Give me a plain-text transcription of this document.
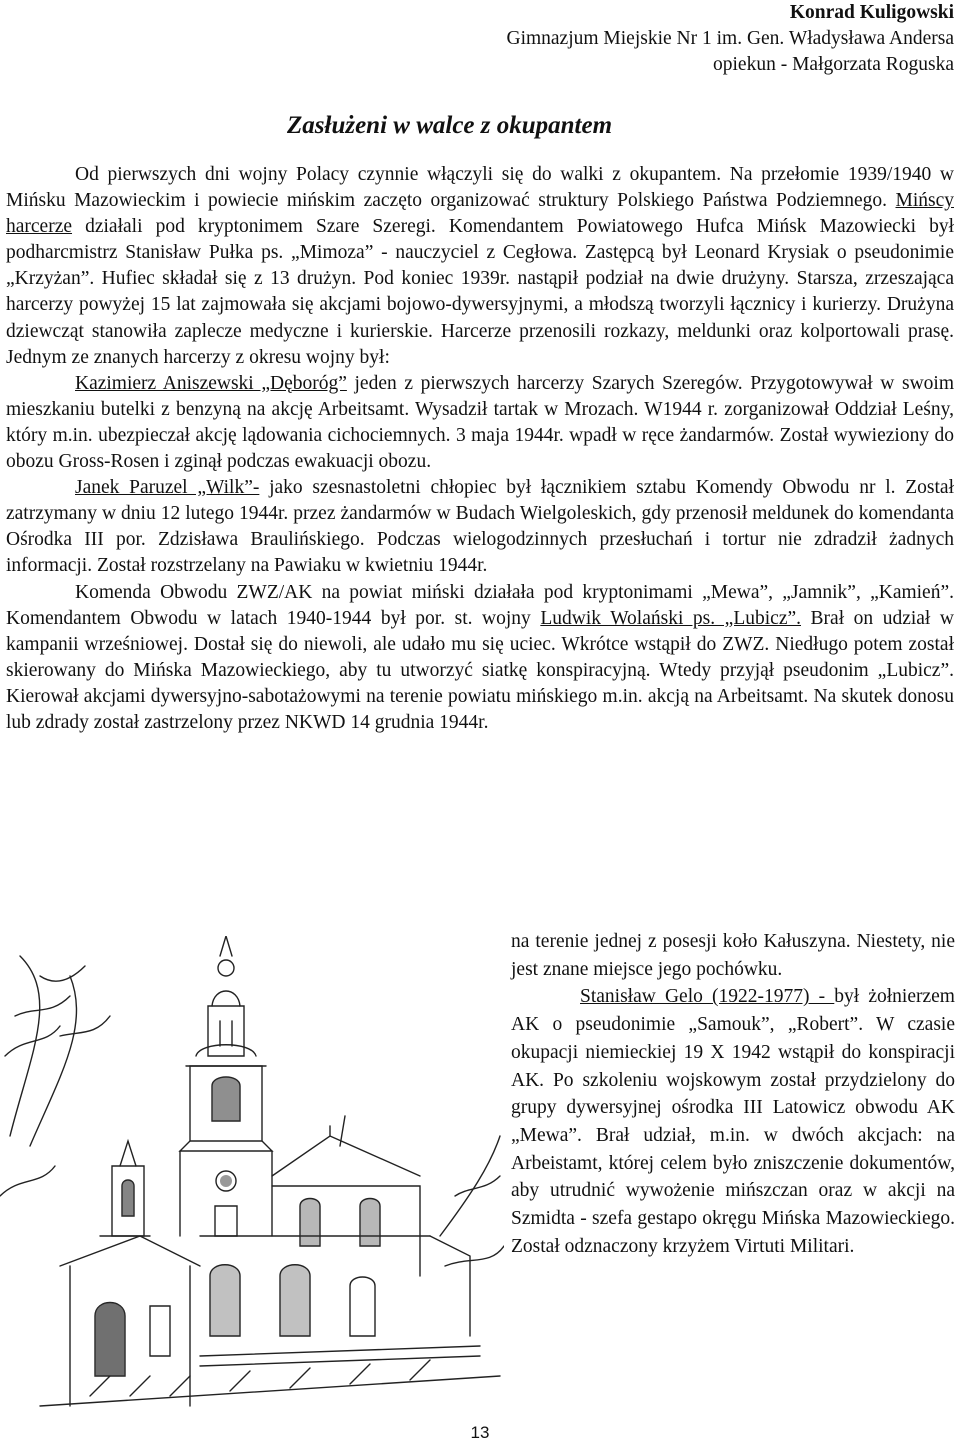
Konrad Kuligowski
Gimnazjum Miejskie Nr 1 im. Gen. Władysława Andersa
opiekun - Małgorzata Roguska
Zasłużeni w walce z okupantem

Od pierwszych dni wojny Polacy czynnie włączyli się do walki z okupantem. Na przełomie 1939/1940 w Mińsku Mazowieckim i powiecie mińskim zaczęto organizować struktury Polskiego Państwa Podziemnego. Mińscy harcerze działali pod kryptonimem Szare Szeregi. Komendantem Powiatowego Hufca Mińsk Mazowiecki był podharcmistrz Stanisław Pułka ps. „Mimoza” - nauczyciel z Cegłowa. Zastępcą był Leonard Krysiak o pseudonimie „Krzyżan”. Hufiec składał się z 13 drużyn. Pod koniec 1939r. nastąpił podział na dwie drużyny. Starsza, zrzeszająca harcerzy powyżej 15 lat zajmowała się akcjami bojowo-dywersyjnymi, a młodszą tworzyli łącznicy i kurierzy. Drużyna dziewcząt stanowiła zaplecze medyczne i kurierskie. Harcerze przenosili rozkazy, meldunki oraz kolportowali prasę. Jednym ze znanych harcerzy z okresu wojny był:

Kazimierz Aniszewski „Dęboróg” jeden z pierwszych harcerzy Szarych Szeregów. Przygotowywał w swoim mieszkaniu butelki z benzyną na akcję Arbeitsamt. Wysadził tartak w Mrozach. W1944 r. zorganizował Oddział Leśny, który m.in. ubezpieczał akcję lądowania cichociemnych. 3 maja 1944r. wpadł w ręce żandarmów. Został wywieziony do obozu Gross-Rosen i zginął podczas ewakuacji obozu.

Janek Paruzel „Wilk”- jako szesnastoletni chłopiec był łącznikiem sztabu Komendy Obwodu nr l. Został zatrzymany w dniu 12 lutego 1944r. przez żandarmów w Budach Wielgoleskich, gdy przenosił meldunek do komendanta Ośrodka III por. Zdzisława Braulińskiego. Podczas wielogodzinnych przesłuchań i tortur nie zdradził żadnych informacji. Został rozstrzelany na Pawiaku w kwietniu 1944r.

Komenda Obwodu ZWZ/AK na powiat miński działała pod kryptonimami „Mewa”, „Jamnik”, „Kamień”. Komendantem Obwodu w latach 1940-1944 był por. st. wojny Ludwik Wolański ps. „Lubicz”. Brał on udział w kampanii wrześniowej. Dostał się do niewoli, ale udało mu się uciec. Wkrótce wstąpił do ZWZ. Niedługo potem został skierowany do Mińska Mazowieckiego, aby tu utworzyć siatkę konspiracyjną. Wtedy przyjął pseudonim „Lubicz”. Kierował akcjami dywersyjno-sabotażowymi na terenie powiatu mińskiego m.in. akcją na Arbeitsamt. Na skutek donosu lub zdrady został zastrzelony przez NKWD 14 grudnia 1944r.

na terenie jednej z posesji koło Kałuszyna. Niestety, nie jest znane miejsce jego pochówku.

Stanisław Gelo (1922-1977) - był żołnierzem AK o pseudonimie „Samouk”, „Robert”. W czasie okupacji niemieckiej 19 X 1942 wstąpił do konspiracji AK. Po szkoleniu wojskowym został przydzielony do grupy dywersyjnej ośrodka III Latowicz obwodu AK „Mewa”. Brał udział, m.in. w dwóch akcjach: na Arbeistamt, której celem było zniszczenie dokumentów, aby utrudnić wywożenie mińszczan oraz w akcji na Szmidta - szefa gestapo okręgu Mińska Mazowieckiego. Został odznaczony krzyżem Virtuti Militari.

13
